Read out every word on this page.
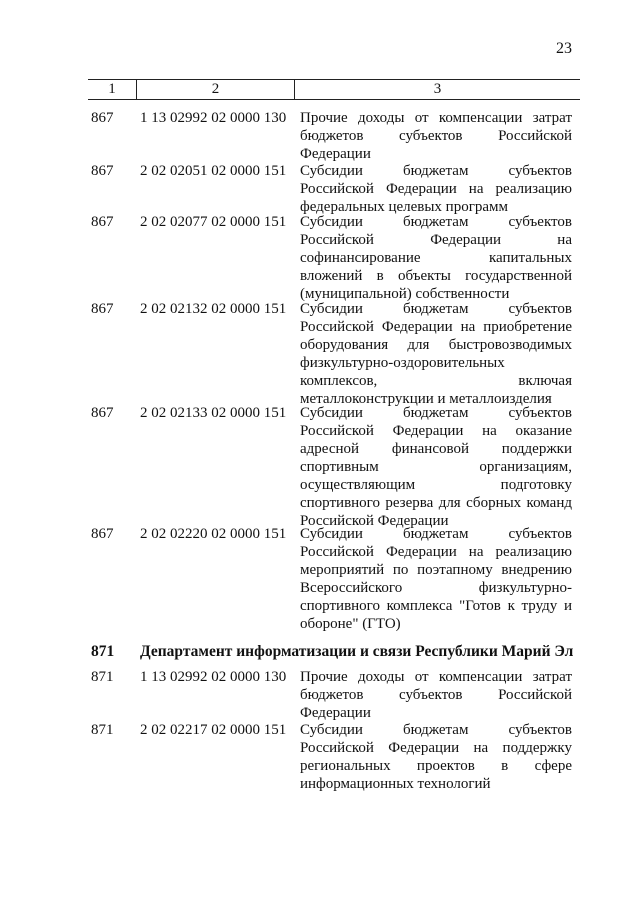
23
1	2	3
867	1 13 02992 02 0000 130 Прочие доходы от компенсации затрат бюджетов субъектов Российской Федерации
867	2 02 02051 02 0000 151 Субсидии бюджетам субъектов Российской Федерации на реализацию федеральных целевых программ
867	2 02 02077 02 0000 151 Субсидии бюджетам субъектов Российской Федерации на софинансирование капитальных вложений в объекты государственной (муниципальной) собственности
867	2 02 02132 02 0000 151 Субсидии бюджетам субъектов Российской Федерации на приобретение оборудования для быстровозводимых физкультурно-оздоровительных комплексов, включая металлоконструкции и металлоизделия
867	2 02 02133 02 0000 151 Субсидии бюджетам субъектов Российской Федерации на оказание адресной финансовой поддержки спортивным организациям, осуществляющим подготовку спортивного резерва для сборных команд Российской Федерации
867	2 02 02220 02 0000 151 Субсидии бюджетам субъектов Российской Федерации на реализацию мероприятий по поэтапному внедрению Всероссийского физкультурно-спортивного комплекса "Готов к труду и обороне" (ГТО)
871 Департамент информатизации и связи Республики Марий Эл
871	1 13 02992 02 0000 130 Прочие доходы от компенсации затрат бюджетов субъектов Российской Федерации
871	2 02 02217 02 0000 151 Субсидии бюджетам субъектов Российской Федерации на поддержку региональных проектов в сфере информационных технологий
